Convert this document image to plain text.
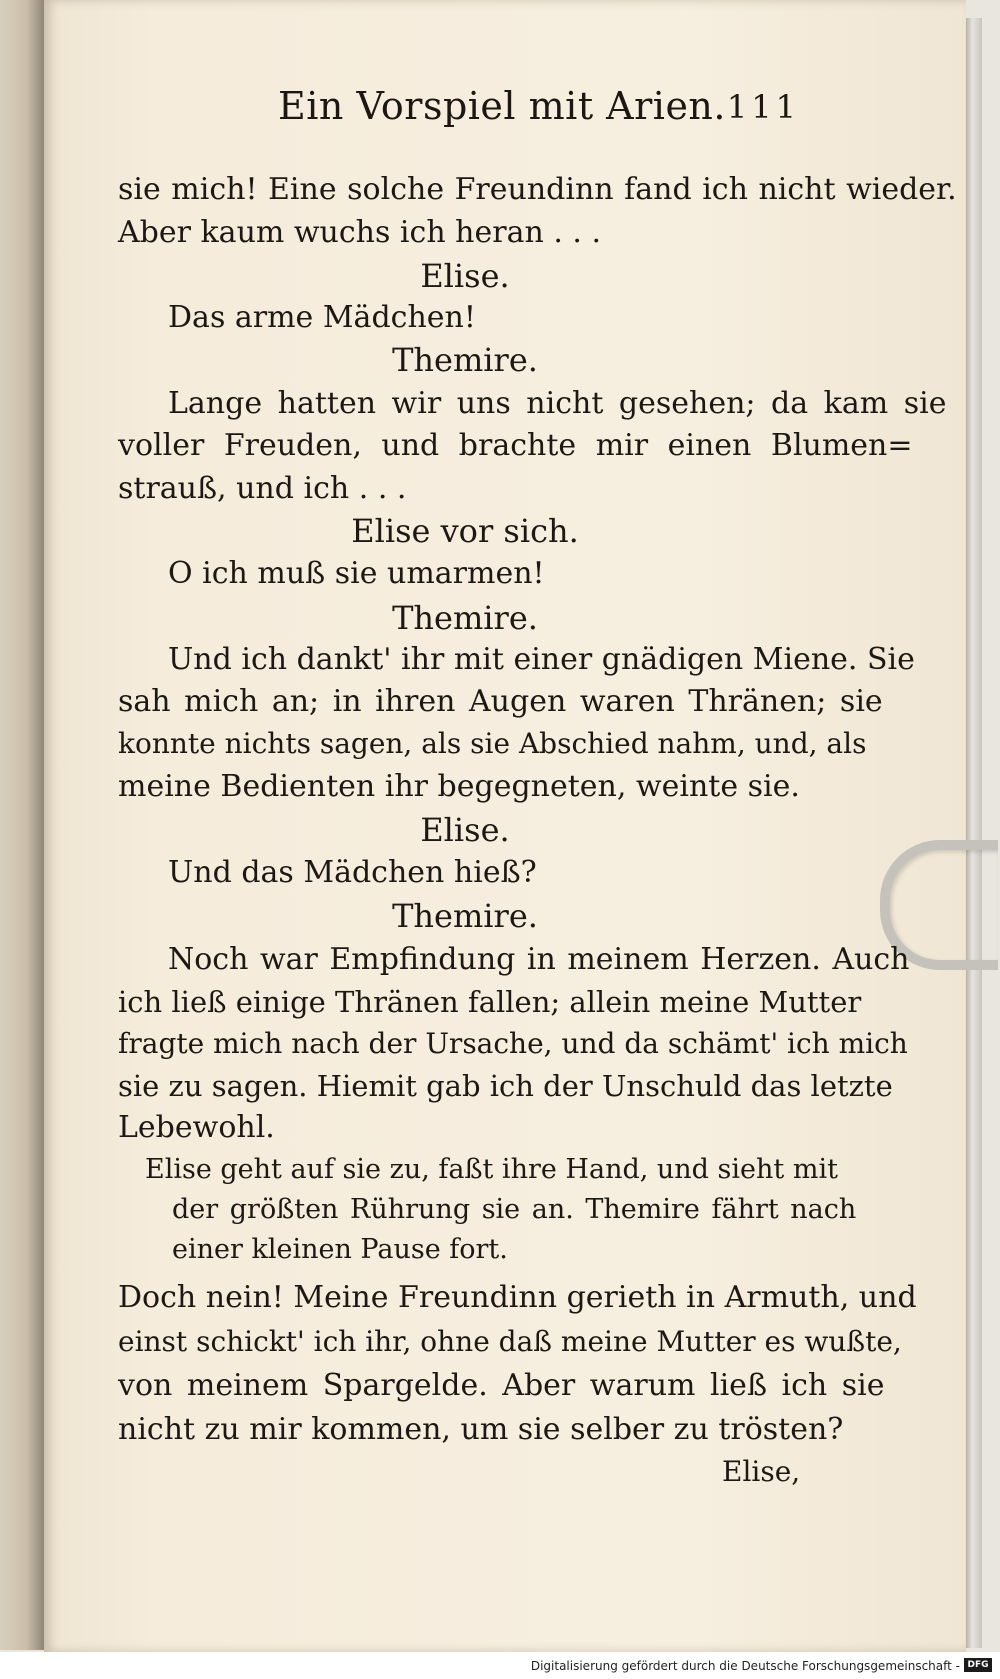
Ein Vorspiel mit Arien. 111

sie mich! Eine solche Freundinn fand ich nicht wieder.

Aber kaum wuchs ich heran . . .

Elise.

Das arme Mädchen!

Themire.

Lange hatten wir uns nicht gesehen; da kam sie

voller Freuden, und brachte mir einen Blumen=

strauß, und ich . . .

Elise vor sich.

O ich muß sie umarmen!

Themire.

Und ich dankt' ihr mit einer gnädigen Miene. Sie

sah mich an; in ihren Augen waren Thränen; sie

konnte nichts sagen, als sie Abschied nahm, und, als

meine Bedienten ihr begegneten, weinte sie.

Elise.

Und das Mädchen hieß?

Themire.

Noch war Empfindung in meinem Herzen. Auch

ich ließ einige Thränen fallen; allein meine Mutter

fragte mich nach der Ursache, und da schämt' ich mich

sie zu sagen. Hiemit gab ich der Unschuld das letzte

Lebewohl.

Elise geht auf sie zu, faßt ihre Hand, und sieht mit

der größten Rührung sie an. Themire fährt nach

einer kleinen Pause fort.

Doch nein! Meine Freundinn gerieth in Armuth, und

einst schickt' ich ihr, ohne daß meine Mutter es wußte,

von meinem Spargelde. Aber warum ließ ich sie

nicht zu mir kommen, um sie selber zu trösten?

Elise,

Digitalisierung gefördert durch die Deutsche Forschungsgemeinschaft - DFG
